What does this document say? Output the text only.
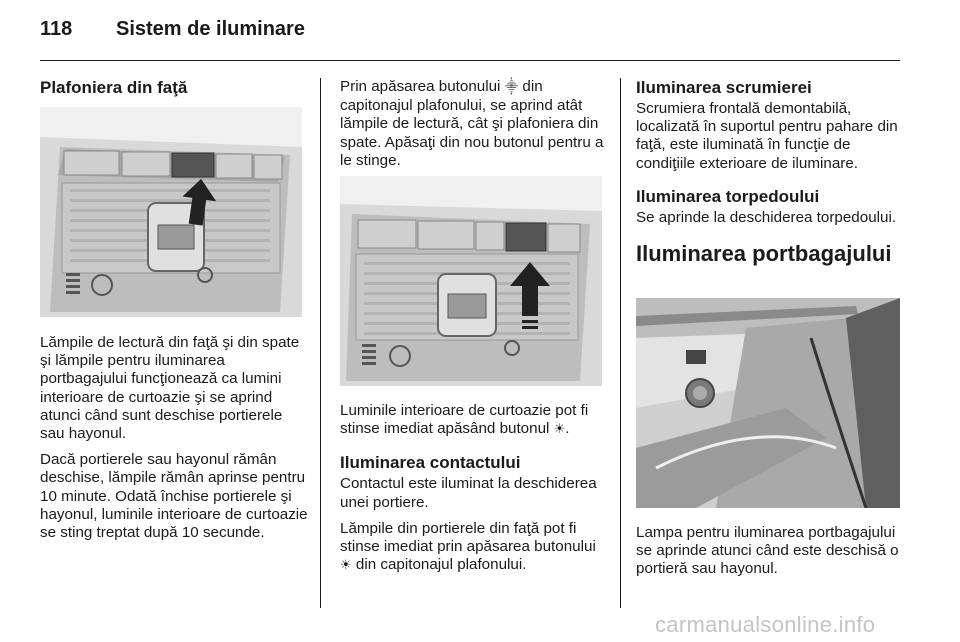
118 Sistem de iluminare
Plafoniera din faţă

Lămpile de lectură din faţă şi din spate şi lămpile pentru iluminarea portbagajului funcţionează ca lumini interioare de curtoazie şi se aprind atunci când sunt deschise portierele sau hayonul.

Dacă portierele sau hayonul rămân deschise, lămpile rămân aprinse pentru 10 minute. Odată închise portierele şi hayonul, luminile interioare de curtoazie se sting treptat după 10 secunde.

Prin apăsarea butonului ⸎ din capitonajul plafonului, se aprind atât lămpile de lectură, cât şi plafoniera din spate. Apăsaţi din nou butonul pentru a le stinge.

Luminile interioare de curtoazie pot fi stinse imediat apăsând butonul ☀.

Iluminarea contactului

Contactul este iluminat la deschiderea unei portiere.

Lămpile din portierele din faţă pot fi stinse imediat prin apăsarea butonului ☀ din capitonajul plafonului.

Iluminarea scrumierei

Scrumiera frontală demontabilă, localizată în suportul pentru pahare din faţă, este iluminată în funcţie de condiţiile exterioare de iluminare.

Iluminarea torpedoului

Se aprinde la deschiderea torpedoului.

Iluminarea portbagajului

Lampa pentru iluminarea portbagajului se aprinde atunci când este deschisă o portieră sau hayonul.

carmanualsonline.info
